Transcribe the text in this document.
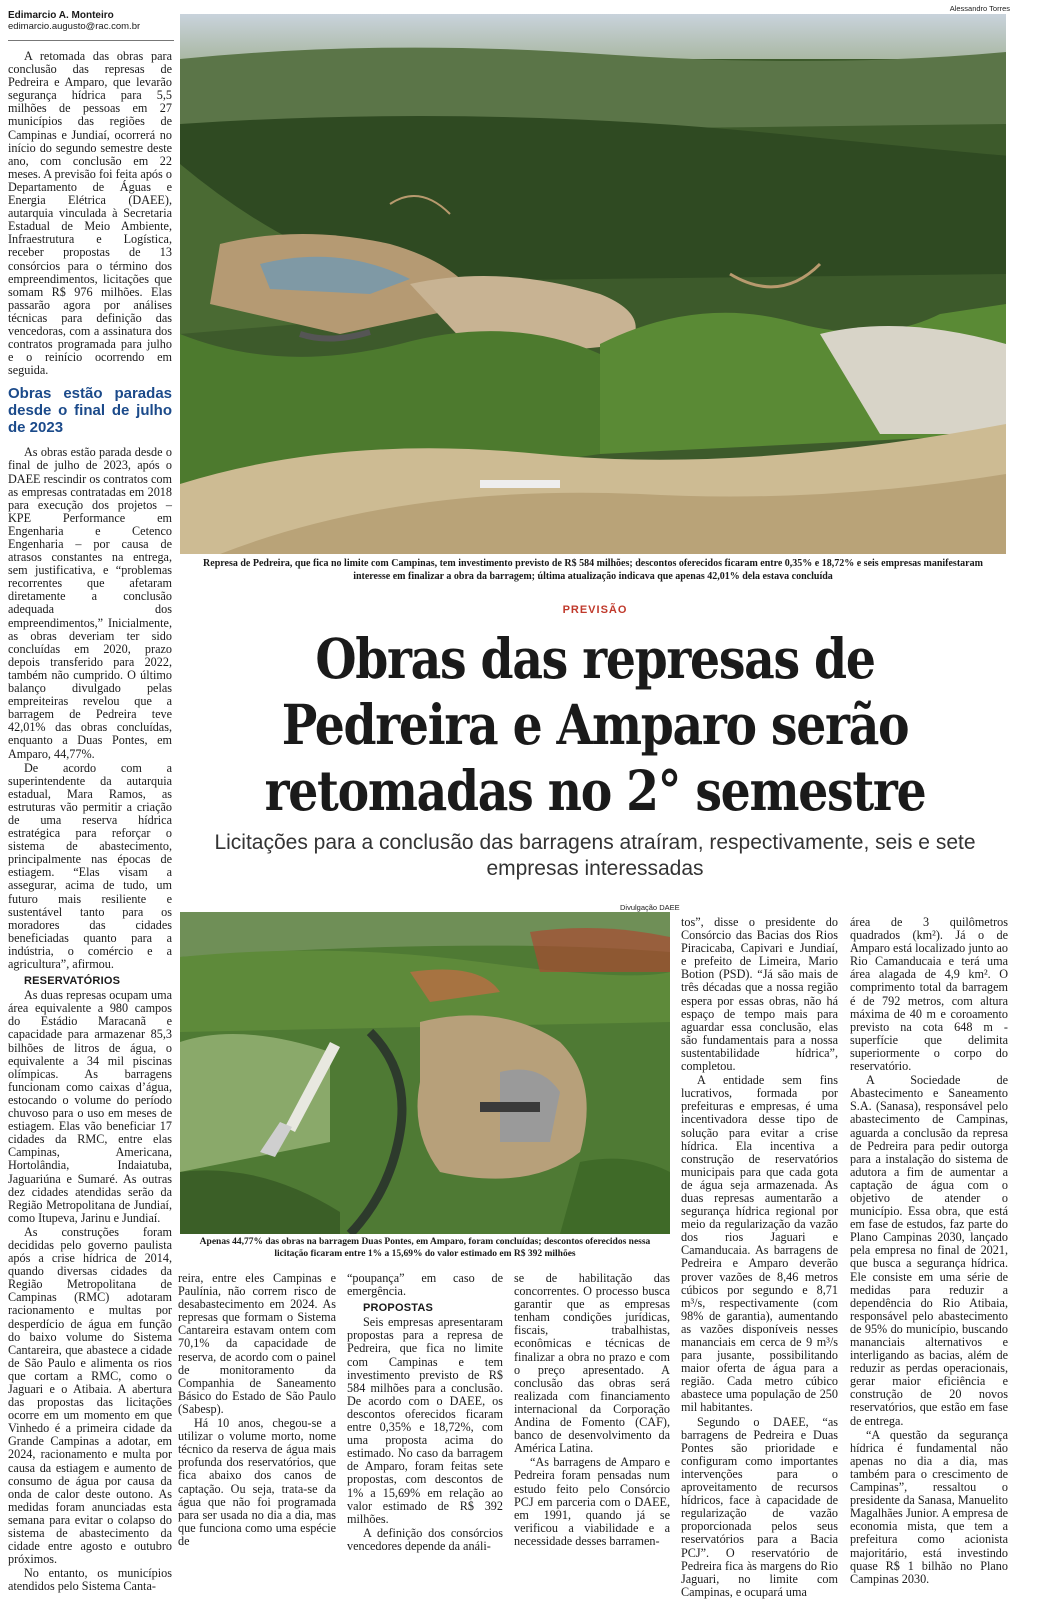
Edimarcio A. Monteiro
edimarcio.augusto@rac.com.br

A retomada das obras para conclusão das represas de Pedreira e Amparo, que levarão segurança hídrica para 5,5 milhões de pessoas em 27 municípios das regiões de Campinas e Jundiaí, ocorrerá no início do segundo semestre deste ano, com conclusão em 22 meses. A previsão foi feita após o Departamento de Águas e Energia Elétrica (DAEE), autarquia vinculada à Secretaria Estadual de Meio Ambiente, Infraestrutura e Logística, receber propostas de 13 consórcios para o término dos empreendimentos, licitações que somam R$ 976 milhões. Elas passarão agora por análises técnicas para definição das vencedoras, com a assinatura dos contratos programada para julho e o reinício ocorrendo em seguida.

Obras estão paradas desde o final de julho de 2023

As obras estão parada desde o final de julho de 2023, após o DAEE rescindir os contratos com as empresas contratadas em 2018 para execução dos projetos – KPE Performance em Engenharia e Cetenco Engenharia – por causa de atrasos constantes na entrega, sem justificativa, e “problemas recorrentes que afetaram diretamente a conclusão adequada dos empreendimentos,” Inicialmente, as obras deveriam ter sido concluídas em 2020, prazo depois transferido para 2022, também não cumprido. O último balanço divulgado pelas empreiteiras revelou que a barragem de Pedreira teve 42,01% das obras concluídas, enquanto a Duas Pontes, em Amparo, 44,77%.

De acordo com a superintendente da autarquia estadual, Mara Ramos, as estruturas vão permitir a criação de uma reserva hídrica estratégica para reforçar o sistema de abastecimento, principalmente nas épocas de estiagem. “Elas visam a assegurar, acima de tudo, um futuro mais resiliente e sustentável tanto para os moradores das cidades beneficiadas quanto para a indústria, o comércio e a agricultura”, afirmou.

RESERVATÓRIOS

As duas represas ocupam uma área equivalente a 980 campos do Estádio Maracanã e capacidade para armazenar 85,3 bilhões de litros de água, o equivalente a 34 mil piscinas olímpicas. As barragens funcionam como caixas d’água, estocando o volume do período chuvoso para o uso em meses de estiagem. Elas vão beneficiar 17 cidades da RMC, entre elas Campinas, Americana, Hortolândia, Indaiatuba, Jaguariúna e Sumaré. As outras dez cidades atendidas serão da Região Metropolitana de Jundiaí, como Itupeva, Jarinu e Jundiaí.

As construções foram decididas pelo governo paulista após a crise hídrica de 2014, quando diversas cidades da Região Metropolitana de Campinas (RMC) adotaram racionamento e multas por desperdício de água em função do baixo volume do Sistema Cantareira, que abastece a cidade de São Paulo e alimenta os rios que cortam a RMC, como o Jaguari e o Atibaia. A abertura das propostas das licitações ocorre em um momento em que Vinhedo é a primeira cidade da Grande Campinas a adotar, em 2024, racionamento e multa por causa da estiagem e aumento de consumo de água por causa da onda de calor deste outono. As medidas foram anunciadas esta semana para evitar o colapso do sistema de abastecimento da cidade entre agosto e outubro próximos.

No entanto, os municípios atendidos pelo Sistema Canta-

Alessandro Torres
Represa de Pedreira, que fica no limite com Campinas, tem investimento previsto de R$ 584 milhões; descontos oferecidos ficaram entre 0,35% e 18,72% e seis empresas manifestaram interesse em finalizar a obra da barragem; última atualização indicava que apenas 42,01% dela estava concluída
PREVISÃO
Obras das represas de Pedreira e Amparo serão retomadas no 2° semestre
Licitações para a conclusão das barragens atraíram, respectivamente, seis e sete empresas interessadas
Divulgação DAEE
Apenas 44,77% das obras na barragem Duas Pontes, em Amparo, foram concluídas; descontos oferecidos nessa licitação ficaram entre 1% a 15,69% do valor estimado em R$ 392 milhões

reira, entre eles Campinas e Paulínia, não correm risco de desabastecimento em 2024. As represas que formam o Sistema Cantareira estavam ontem com 70,1% da capacidade de reserva, de acordo com o painel de monitoramento da Companhia de Saneamento Básico do Estado de São Paulo (Sabesp).

Há 10 anos, chegou-se a utilizar o volume morto, nome técnico da reserva de água mais profunda dos reservatórios, que fica abaixo dos canos de captação. Ou seja, trata-se da água que não foi programada para ser usada no dia a dia, mas que funciona como uma espécie de

“poupança” em caso de emergência.

PROPOSTAS

Seis empresas apresentaram propostas para a represa de Pedreira, que fica no limite com Campinas e tem investimento previsto de R$ 584 milhões para a conclusão. De acordo com o DAEE, os descontos oferecidos ficaram entre 0,35% e 18,72%, com uma proposta acima do estimado. No caso da barragem de Amparo, foram feitas sete propostas, com descontos de 1% a 15,69% em relação ao valor estimado de R$ 392 milhões.

A definição dos consórcios vencedores depende da análi-

se de habilitação das concorrentes. O processo busca garantir que as empresas tenham condições jurídicas, fiscais, trabalhistas, econômicas e técnicas de finalizar a obra no prazo e com o preço apresentado. A conclusão das obras será realizada com financiamento internacional da Corporação Andina de Fomento (CAF), banco de desenvolvimento da América Latina.

“As barragens de Amparo e Pedreira foram pensadas num estudo feito pelo Consórcio PCJ em parceria com o DAEE, em 1991, quando já se verificou a viabilidade e a necessidade desses barramen-

tos”, disse o presidente do Consórcio das Bacias dos Rios Piracicaba, Capivari e Jundiaí, e prefeito de Limeira, Mario Botion (PSD). “Já são mais de três décadas que a nossa região espera por essas obras, não há espaço de tempo mais para aguardar essa conclusão, elas são fundamentais para a nossa sustentabilidade hídrica”, completou.

A entidade sem fins lucrativos, formada por prefeituras e empresas, é uma incentivadora desse tipo de solução para evitar a crise hídrica. Ela incentiva a construção de reservatórios municipais para que cada gota de água seja armazenada. As duas represas aumentarão a segurança hídrica regional por meio da regularização da vazão dos rios Jaguari e Camanducaia. As barragens de Pedreira e Amparo deverão prover vazões de 8,46 metros cúbicos por segundo e 8,71 m³/s, respectivamente (com 98% de garantia), aumentando as vazões disponíveis nesses mananciais em cerca de 9 m³/s para jusante, possibilitando maior oferta de água para a região. Cada metro cúbico abastece uma população de 250 mil habitantes.

Segundo o DAEE, “as barragens de Pedreira e Duas Pontes são prioridade e configuram como importantes intervenções para o aproveitamento de recursos hídricos, face à capacidade de regularização de vazão proporcionada pelos seus reservatórios para a Bacia PCJ”. O reservatório de Pedreira fica às margens do Rio Jaguari, no limite com Campinas, e ocupará uma

área de 3 quilômetros quadrados (km²). Já o de Amparo está localizado junto ao Rio Camanducaia e terá uma área alagada de 4,9 km². O comprimento total da barragem é de 792 metros, com altura máxima de 40 m e coroamento previsto na cota 648 m - superfície que delimita superiormente o corpo do reservatório.

A Sociedade de Abastecimento e Saneamento S.A. (Sanasa), responsável pelo abastecimento de Campinas, aguarda a conclusão da represa de Pedreira para pedir outorga para a instalação do sistema de adutora a fim de aumentar a captação de água com o objetivo de atender o município. Essa obra, que está em fase de estudos, faz parte do Plano Campinas 2030, lançado pela empresa no final de 2021, que busca a segurança hídrica. Ele consiste em uma série de medidas para reduzir a dependência do Rio Atibaia, responsável pelo abastecimento de 95% do município, buscando mananciais alternativos e interligando as bacias, além de reduzir as perdas operacionais, gerar maior eficiência e construção de 20 novos reservatórios, que estão em fase de entrega.

“A questão da segurança hídrica é fundamental não apenas no dia a dia, mas também para o crescimento de Campinas”, ressaltou o presidente da Sanasa, Manuelito Magalhães Junior. A empresa de economia mista, que tem a prefeitura como acionista majoritário, está investindo quase R$ 1 bilhão no Plano Campinas 2030.
